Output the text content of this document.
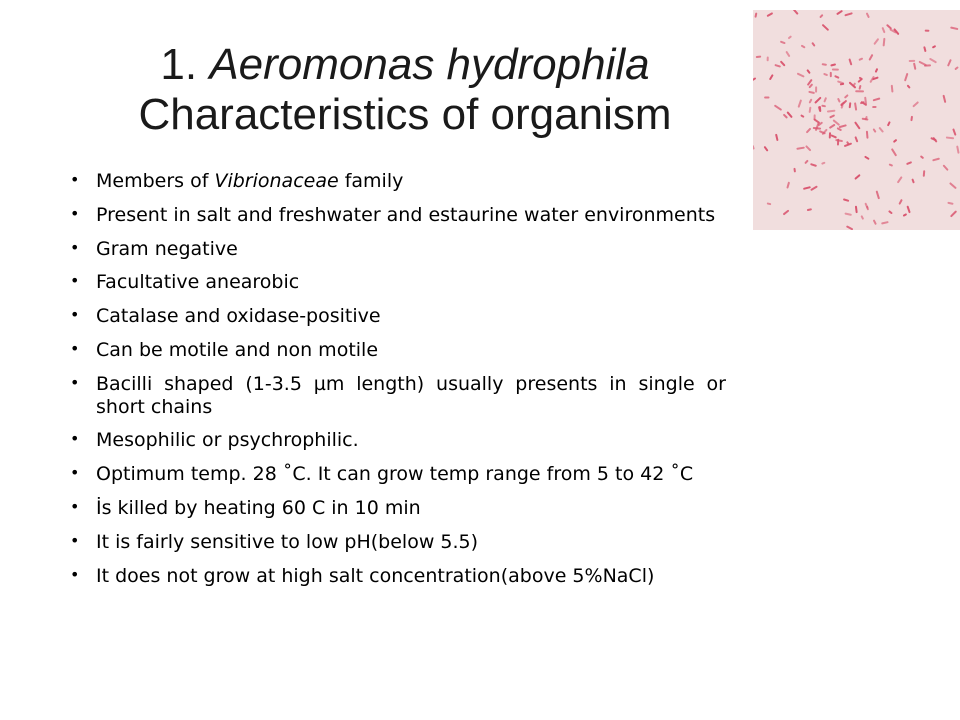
1. Aeromonas hydrophila
Characteristics of organism
• Members of Vibrionaceae family
• Present in salt and freshwater and estaurine water environments
• Gram negative
• Facultative anearobic
• Catalase and oxidase-positive
• Can be motile and non motile
• Bacilli shaped (1-3.5 µm length) usually presents in single or short chains
• Mesophilic or psychrophilic.
• Optimum temp. 28 ˚C. It can grow temp range from 5 to 42 ˚C
• İs killed by heating 60 C in 10 min
• It is fairly sensitive to low pH(below 5.5)
• It does not grow at high salt concentration(above 5%NaCl)
